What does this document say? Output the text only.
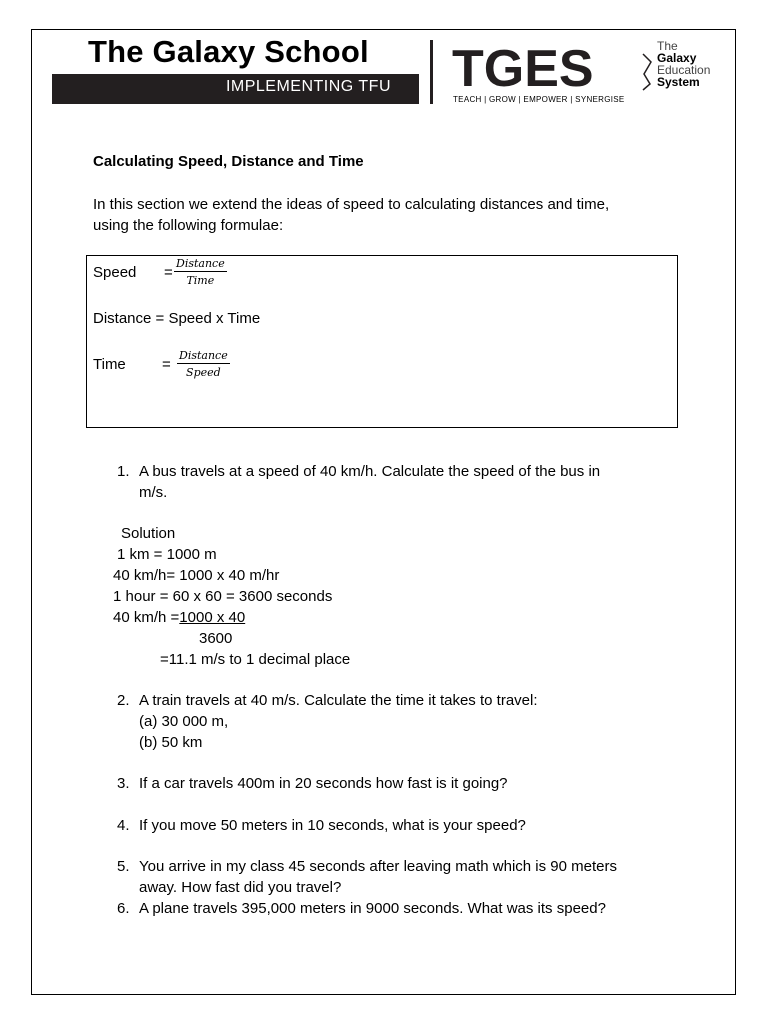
The Galaxy School
IMPLEMENTING TFU TGES
TEACH | GROW | EMPOWER | SYNERGISE
The
Galaxy
Education
System
Calculating Speed, Distance and Time
In this section we extend the ideas of speed to calculating distances and time,
using the following formulae:
Speed =
Distance
Time
Distance = Speed x Time
Time =
Distance
Speed
1. A bus travels at a speed of 40 km/h. Calculate the speed of the bus in
m/s.
Solution
1 km = 1000 m
40 km/h= 1000 x 40 m/hr
1 hour = 60 x 60 = 3600 seconds
40 km/h =1000 x 40
3600
=11.1 m/s to 1 decimal place
2. A train travels at 40 m/s. Calculate the time it takes to travel:
(a) 30 000 m,
(b) 50 km
3. If a car travels 400m in 20 seconds how fast is it going?
4. If you move 50 meters in 10 seconds, what is your speed?
5. You arrive in my class 45 seconds after leaving math which is 90 meters
away. How fast did you travel?
6. A plane travels 395,000 meters in 9000 seconds. What was its speed?
